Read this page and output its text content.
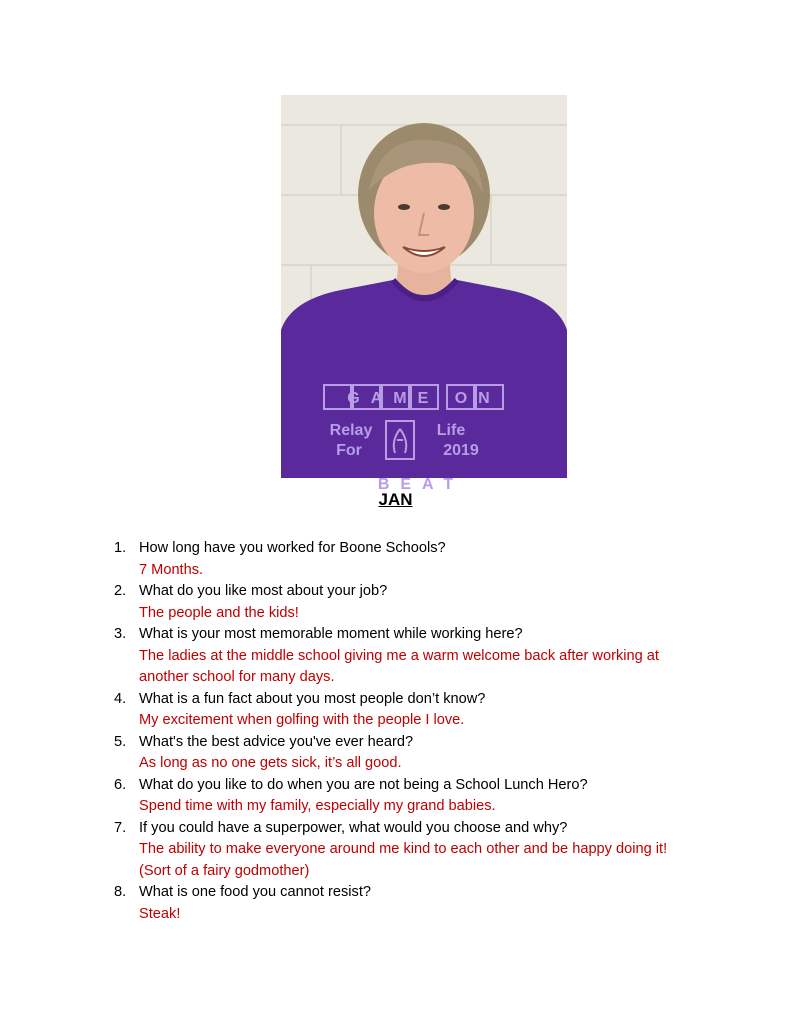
GAME ON
Relay
For
Life
2019
BEAT
JAN
1. How long have you worked for Boone Schools?
7 Months.
2. What do you like most about your job?
The people and the kids!
3. What is your most memorable moment while working here?
The ladies at the middle school giving me a warm welcome back after working at another school for many days.
4. What is a fun fact about you most people don’t know?
My excitement when golfing with the people I love.
5. What's the best advice you've ever heard?
As long as no one gets sick, it’s all good.
6. What do you like to do when you are not being a School Lunch Hero?
Spend time with my family, especially my grand babies.
7. If you could have a superpower, what would you choose and why?
The ability to make everyone around me kind to each other and be happy doing it! (Sort of a fairy godmother)
8. What is one food you cannot resist?
Steak!
